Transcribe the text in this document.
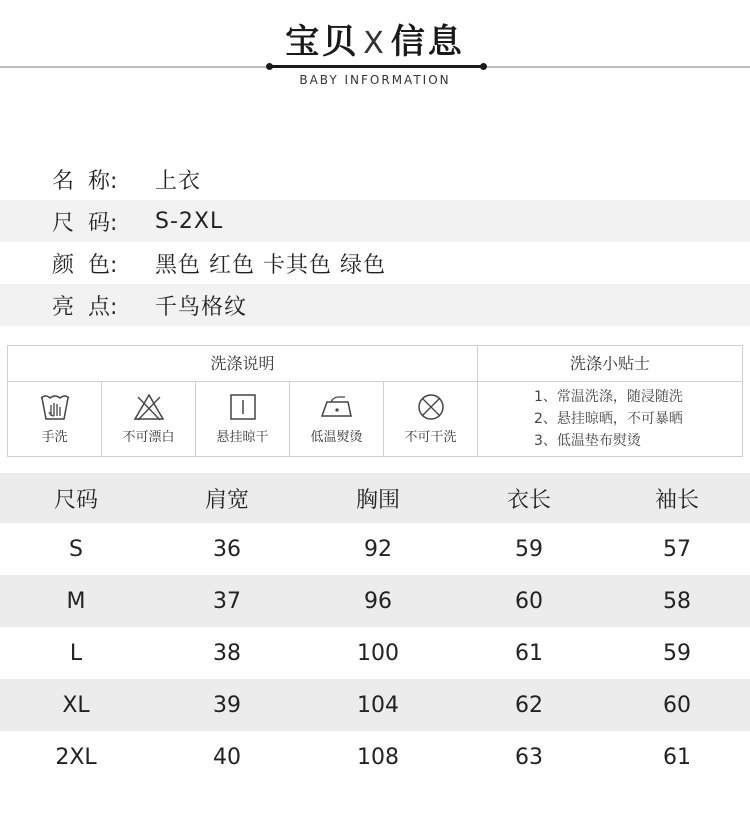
宝贝 X 信息
BABY INFORMATION
名  称:	上衣
尺  码:	S-2XL
颜  色:	黑色 红色 卡其色 绿色
亮  点:	千鸟格纹
洗涤说明	洗涤小贴士
手洗	不可漂白	悬挂晾干	低温熨烫	不可干洗
1、常温洗涤，随浸随洗
2、悬挂晾晒，不可暴晒
3、低温垫布熨烫
尺码	肩宽	胸围	衣长	袖长
S	36	92	59	57
M	37	96	60	58
L	38	100	61	59
XL	39	104	62	60
2XL	40	108	63	61
